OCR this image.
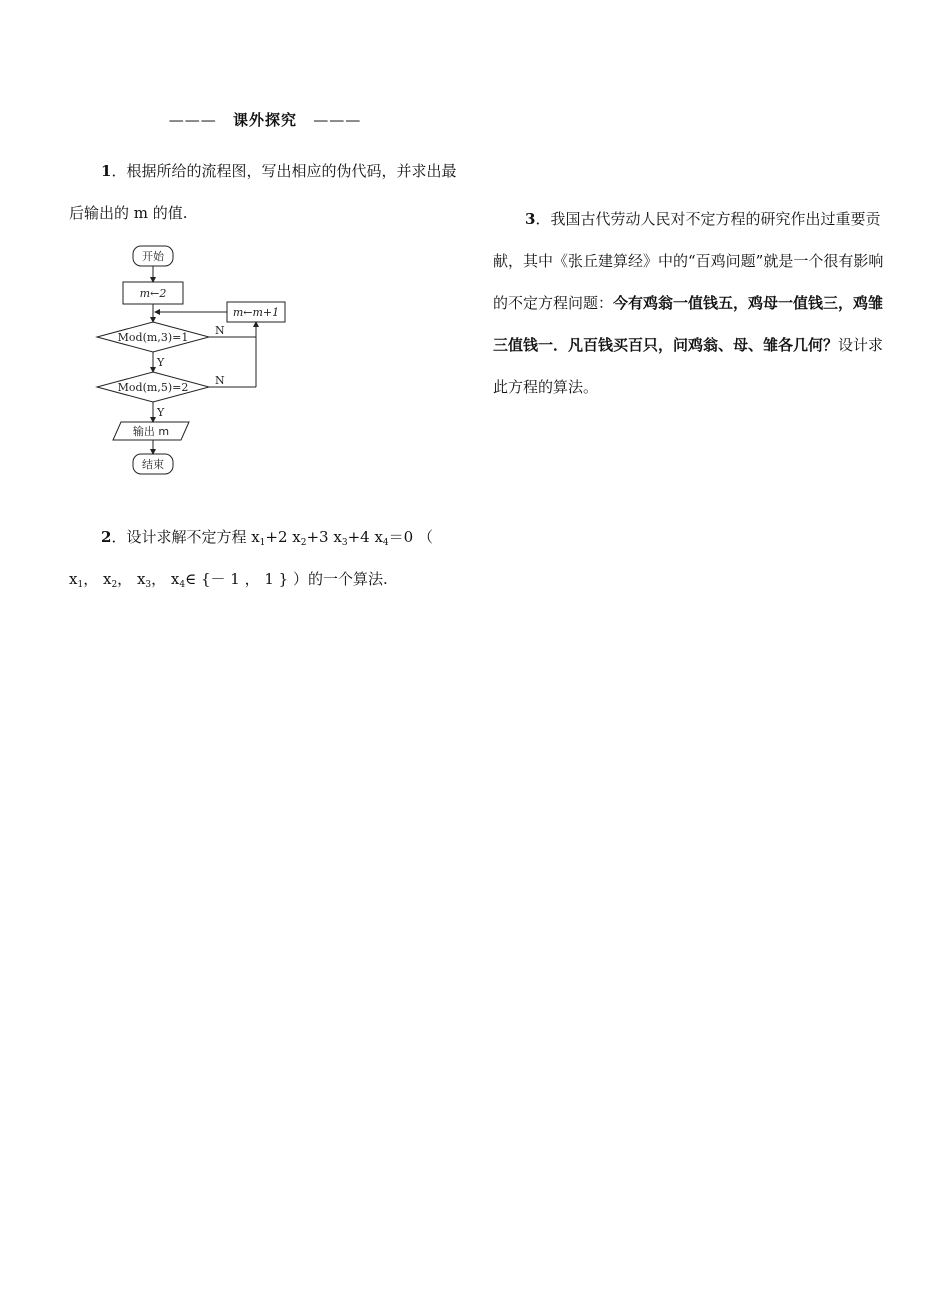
——— 课外探究 ———

1．根据所给的流程图，写出相应的伪代码，并求出最后输出的 m 的值.

开始
m←2
Mod(m,3)=1
Mod(m,5)=2
m←m+1
Y
Y
N
N
输出 m
结束

2．设计求解不定方程 $x_1+2$ $x_2+3$ $x_3+4$ $x_4=0$ （ $x_1$， $x_2$， $x_3$， $x_4\in$ {－ 1 ， 1 } ）的一个算法.

3．我国古代劳动人民对不定方程的研究作出过重要贡献，其中《张丘建算经》中的“百鸡问题”就是一个很有影响的不定方程问题：今有鸡翁一值钱五，鸡母一值钱三，鸡雏三值钱一．凡百钱买百只，问鸡翁、母、雏各几何？设计求此方程的算法。
